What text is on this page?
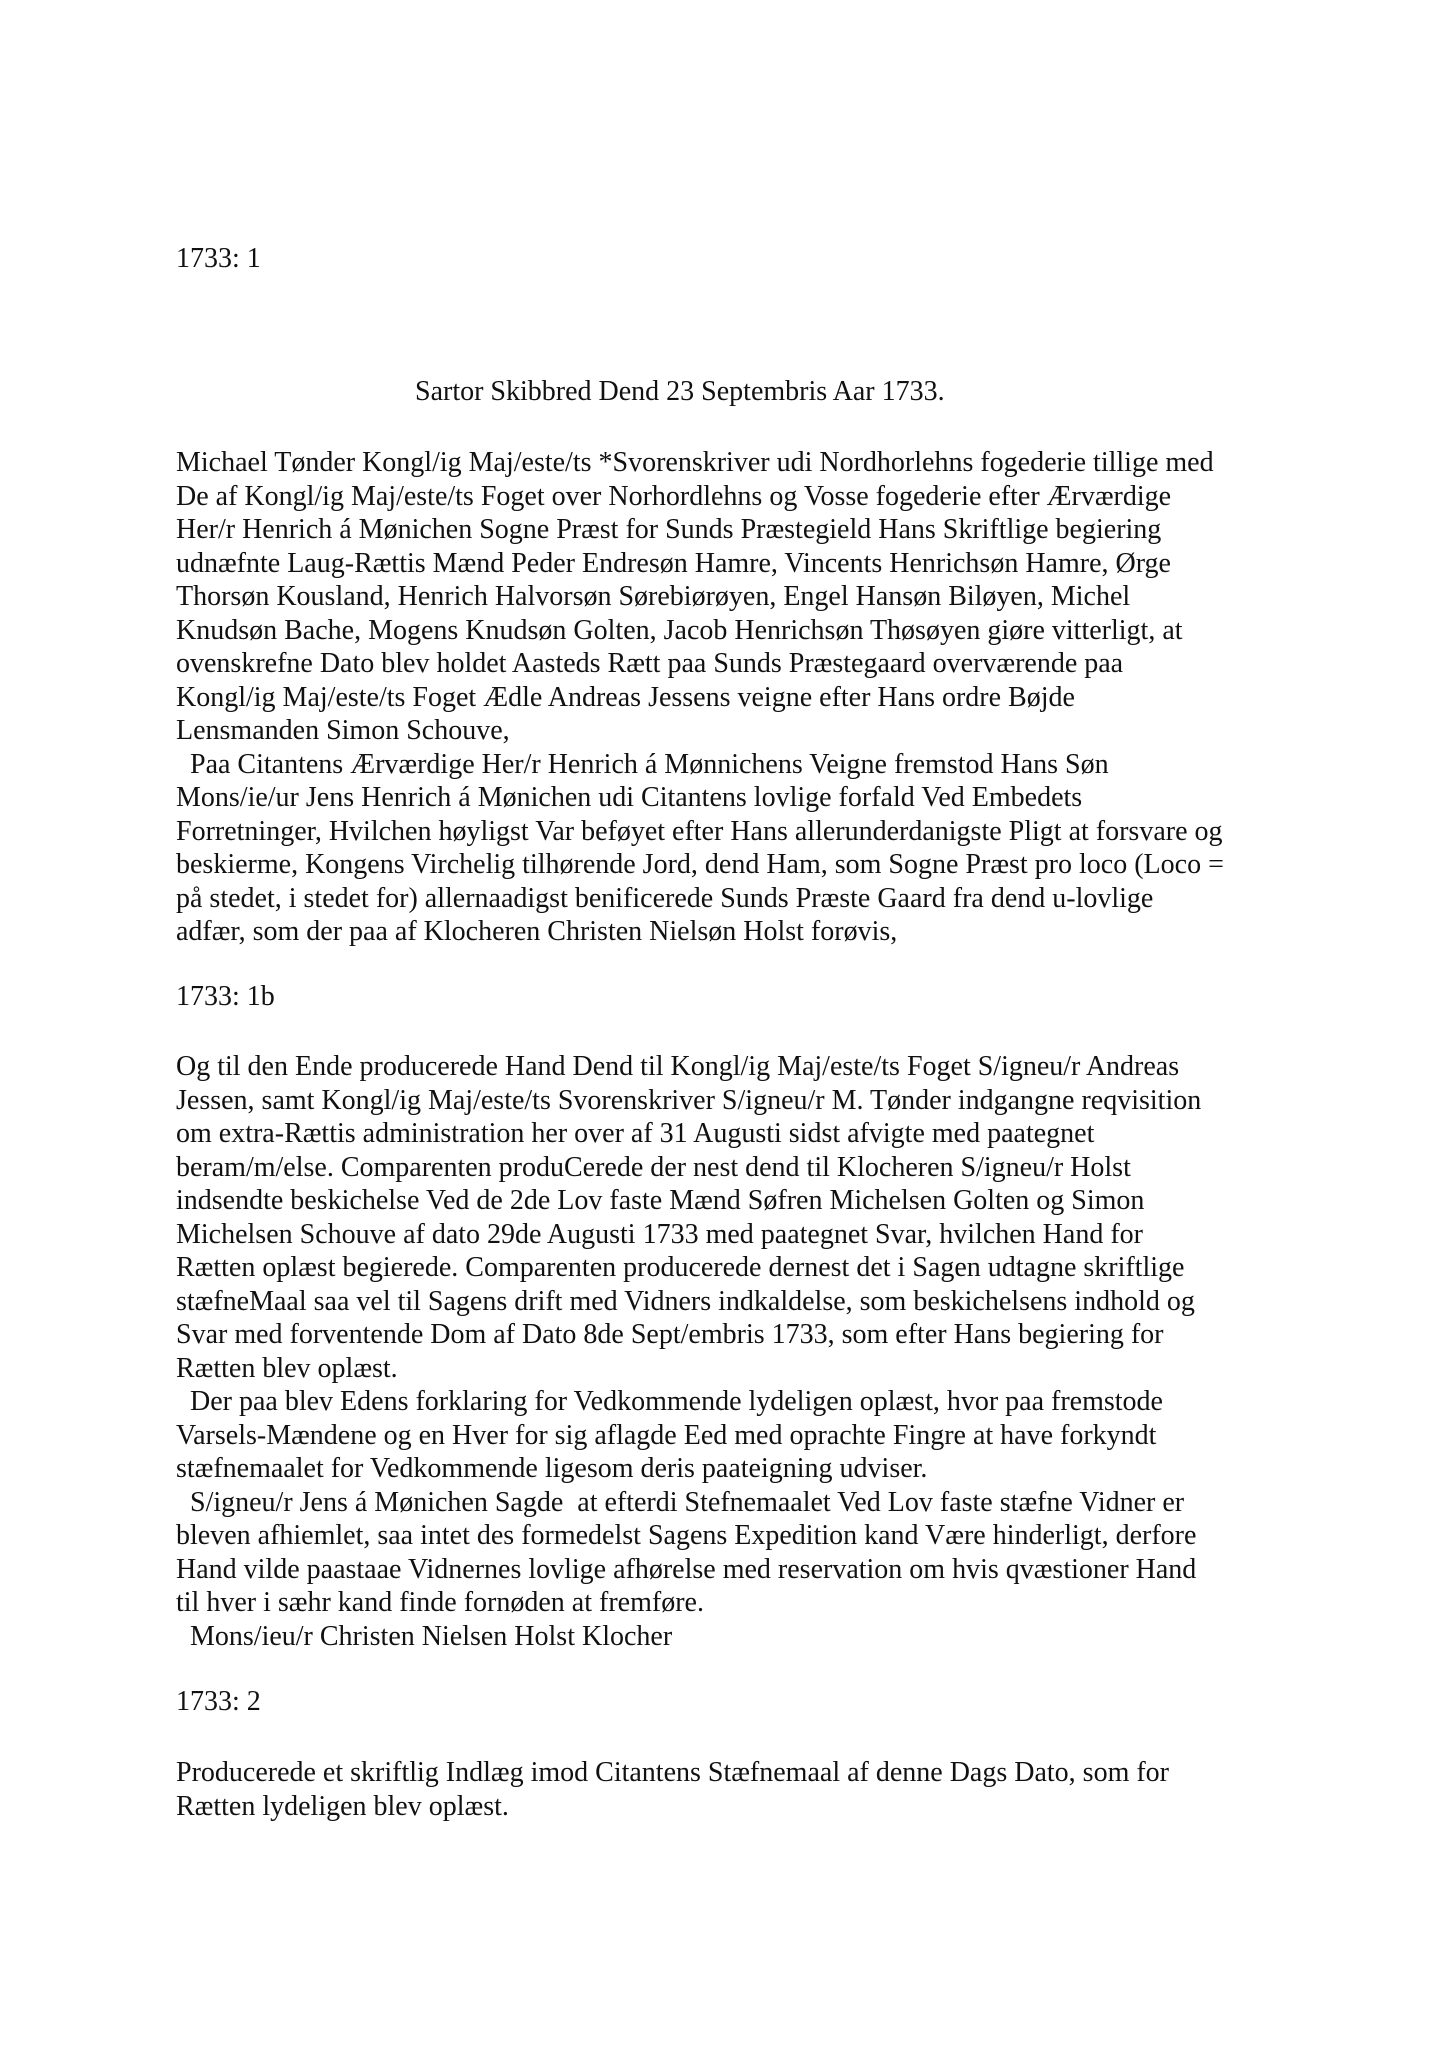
1733: 1
Sartor Skibbred Dend 23 Septembris Aar 1733.
Michael Tønder Kongl/ig Maj/este/ts *Svorenskriver udi Nordhorlehns fogederie tillige med
De af Kongl/ig Maj/este/ts Foget over Norhordlehns og Vosse fogederie efter Ærværdige
Her/r Henrich á Mønichen Sogne Præst for Sunds Præstegield Hans Skriftlige begiering
udnæfnte Laug-Rættis Mænd Peder Endresøn Hamre, Vincents Henrichsøn Hamre, Ørge
Thorsøn Kousland, Henrich Halvorsøn Sørebiørøyen, Engel Hansøn Biløyen, Michel
Knudsøn Bache, Mogens Knudsøn Golten, Jacob Henrichsøn Thøsøyen giøre vitterligt, at
ovenskrefne Dato blev holdet Aasteds Rætt paa Sunds Præstegaard overværende paa
Kongl/ig Maj/este/ts Foget Ædle Andreas Jessens veigne efter Hans ordre Bøjde
Lensmanden Simon Schouve,
Paa Citantens Ærværdige Her/r Henrich á Mønnichens Veigne fremstod Hans Søn
Mons/ie/ur Jens Henrich á Mønichen udi Citantens lovlige forfald Ved Embedets
Forretninger, Hvilchen høyligst Var beføyet efter Hans allerunderdanigste Pligt at forsvare og
beskierme, Kongens Virchelig tilhørende Jord, dend Ham, som Sogne Præst pro loco (Loco =
på stedet, i stedet for) allernaadigst benificerede Sunds Præste Gaard fra dend u-lovlige
adfær, som der paa af Klocheren Christen Nielsøn Holst forøvis,
1733: 1b
Og til den Ende producerede Hand Dend til Kongl/ig Maj/este/ts Foget S/igneu/r Andreas
Jessen, samt Kongl/ig Maj/este/ts Svorenskriver S/igneu/r M. Tønder indgangne reqvisition
om extra-Rættis administration her over af 31 Augusti sidst afvigte med paategnet
beram/m/else. Comparenten produCerede der nest dend til Klocheren S/igneu/r Holst
indsendte beskichelse Ved de 2de Lov faste Mænd Søfren Michelsen Golten og Simon
Michelsen Schouve af dato 29de Augusti 1733 med paategnet Svar, hvilchen Hand for
Rætten oplæst begierede. Comparenten producerede dernest det i Sagen udtagne skriftlige
stæfneMaal saa vel til Sagens drift med Vidners indkaldelse, som beskichelsens indhold og
Svar med forventende Dom af Dato 8de Sept/embris 1733, som efter Hans begiering for
Rætten blev oplæst.
Der paa blev Edens forklaring for Vedkommende lydeligen oplæst, hvor paa fremstode
Varsels-Mændene og en Hver for sig aflagde Eed med oprachte Fingre at have forkyndt
stæfnemaalet for Vedkommende ligesom deris paateigning udviser.
S/igneu/r Jens á Mønichen Sagde  at efterdi Stefnemaalet Ved Lov faste stæfne Vidner er
bleven afhiemlet, saa intet des formedelst Sagens Expedition kand Være hinderligt, derfore
Hand vilde paastaae Vidnernes lovlige afhørelse med reservation om hvis qvæstioner Hand
til hver i sæhr kand finde fornøden at fremføre.
Mons/ieu/r Christen Nielsen Holst Klocher
1733: 2
Producerede et skriftlig Indlæg imod Citantens Stæfnemaal af denne Dags Dato, som for
Rætten lydeligen blev oplæst.
